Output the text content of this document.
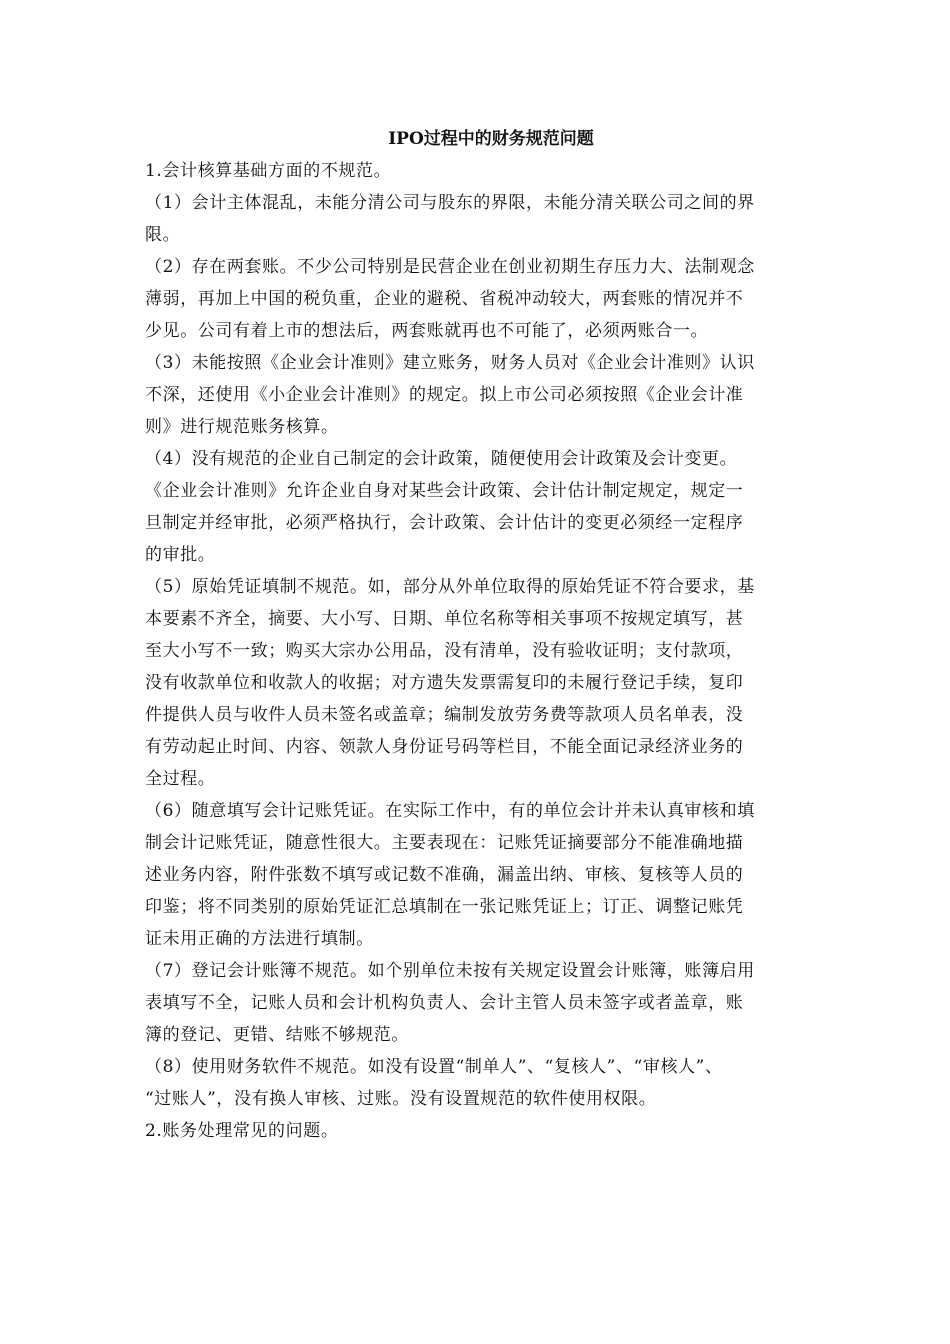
IPO过程中的财务规范问题

1.会计核算基础方面的不规范。

（1）会计主体混乱，未能分清公司与股东的界限，未能分清关联公司之间的界
限。

（2）存在两套账。不少公司特别是民营企业在创业初期生存压力大、法制观念
薄弱，再加上中国的税负重，企业的避税、省税冲动较大，两套账的情况并不
少见。公司有着上市的想法后，两套账就再也不可能了，必须两账合一。

（3）未能按照《企业会计准则》建立账务，财务人员对《企业会计准则》认识
不深，还使用《小企业会计准则》的规定。拟上市公司必须按照《企业会计准
则》进行规范账务核算。

（4）没有规范的企业自己制定的会计政策，随便使用会计政策及会计变更。
《企业会计准则》允许企业自身对某些会计政策、会计估计制定规定，规定一
旦制定并经审批，必须严格执行，会计政策、会计估计的变更必须经一定程序
的审批。

（5）原始凭证填制不规范。如，部分从外单位取得的原始凭证不符合要求，基
本要素不齐全，摘要、大小写、日期、单位名称等相关事项不按规定填写，甚
至大小写不一致；购买大宗办公用品，没有清单，没有验收证明；支付款项，
没有收款单位和收款人的收据；对方遗失发票需复印的未履行登记手续，复印
件提供人员与收件人员未签名或盖章；编制发放劳务费等款项人员名单表，没
有劳动起止时间、内容、领款人身份证号码等栏目，不能全面记录经济业务的
全过程。

（6）随意填写会计记账凭证。在实际工作中，有的单位会计并未认真审核和填
制会计记账凭证，随意性很大。主要表现在：记账凭证摘要部分不能准确地描
述业务内容，附件张数不填写或记数不准确，漏盖出纳、审核、复核等人员的
印鉴；将不同类别的原始凭证汇总填制在一张记账凭证上；订正、调整记账凭
证未用正确的方法进行填制。

（7）登记会计账簿不规范。如个别单位未按有关规定设置会计账簿，账簿启用
表填写不全，记账人员和会计机构负责人、会计主管人员未签字或者盖章，账
簿的登记、更错、结账不够规范。

（8）使用财务软件不规范。如没有设置“制单人”、“复核人”、“审核人”、
“过账人”，没有换人审核、过账。没有设置规范的软件使用权限。

2.账务处理常见的问题。
